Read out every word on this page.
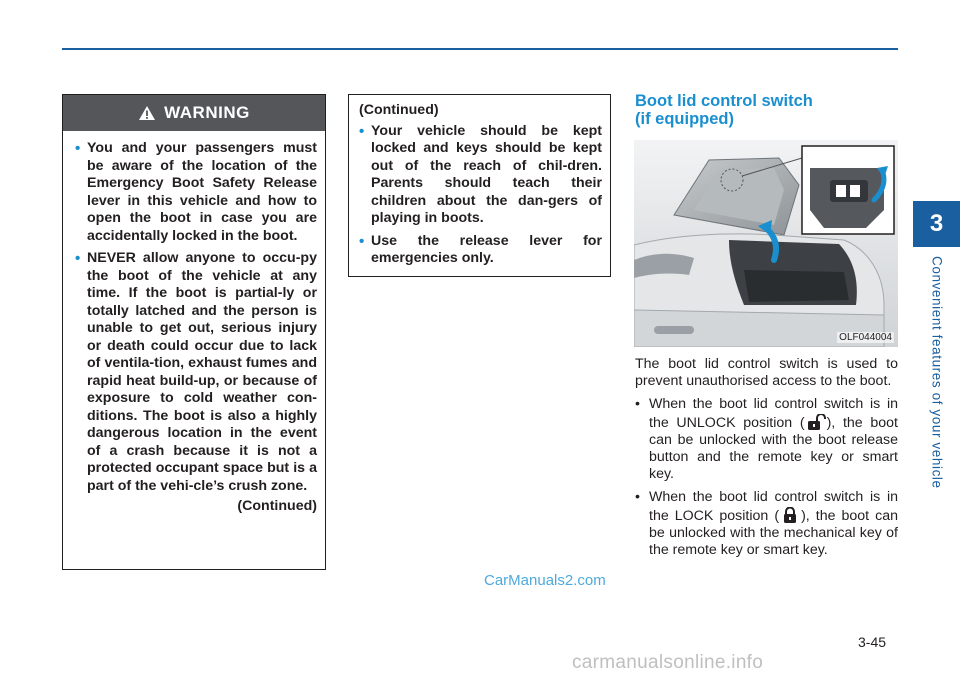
3
Convenient features of your vehicle
WARNING
• You and your passengers must be aware of the location of the Emergency Boot Safety Release lever in this vehicle and how to open the boot in case you are accidentally locked in the boot.
• NEVER allow anyone to occu-py the boot of the vehicle at any time. If the boot is partial-ly or totally latched and the person is unable to get out, serious injury or death could occur due to lack of ventila-tion, exhaust fumes and rapid heat build-up, or because of exposure to cold weather con-ditions. The boot is also a highly dangerous location in the event of a crash because it is not a protected occupant space but is a part of the vehi-cle’s crush zone.
(Continued)
(Continued)
• Your vehicle should be kept locked and keys should be kept out of the reach of chil-dren. Parents should teach their children about the dan-gers of playing in boots.
• Use the release lever for emergencies only.
Boot lid control switch
(if equipped)
OLF044004

The boot lid control switch is used to prevent unauthorised access to the boot.

• When the boot lid control switch is in the UNLOCK position ( ), the boot can be unlocked with the boot release button and the remote key or smart key.
• When the boot lid control switch is in the LOCK position ( ), the boot can be unlocked with the mechanical key of the remote key or smart key.
CarManuals2.com
3-45
carmanualsonline.info
